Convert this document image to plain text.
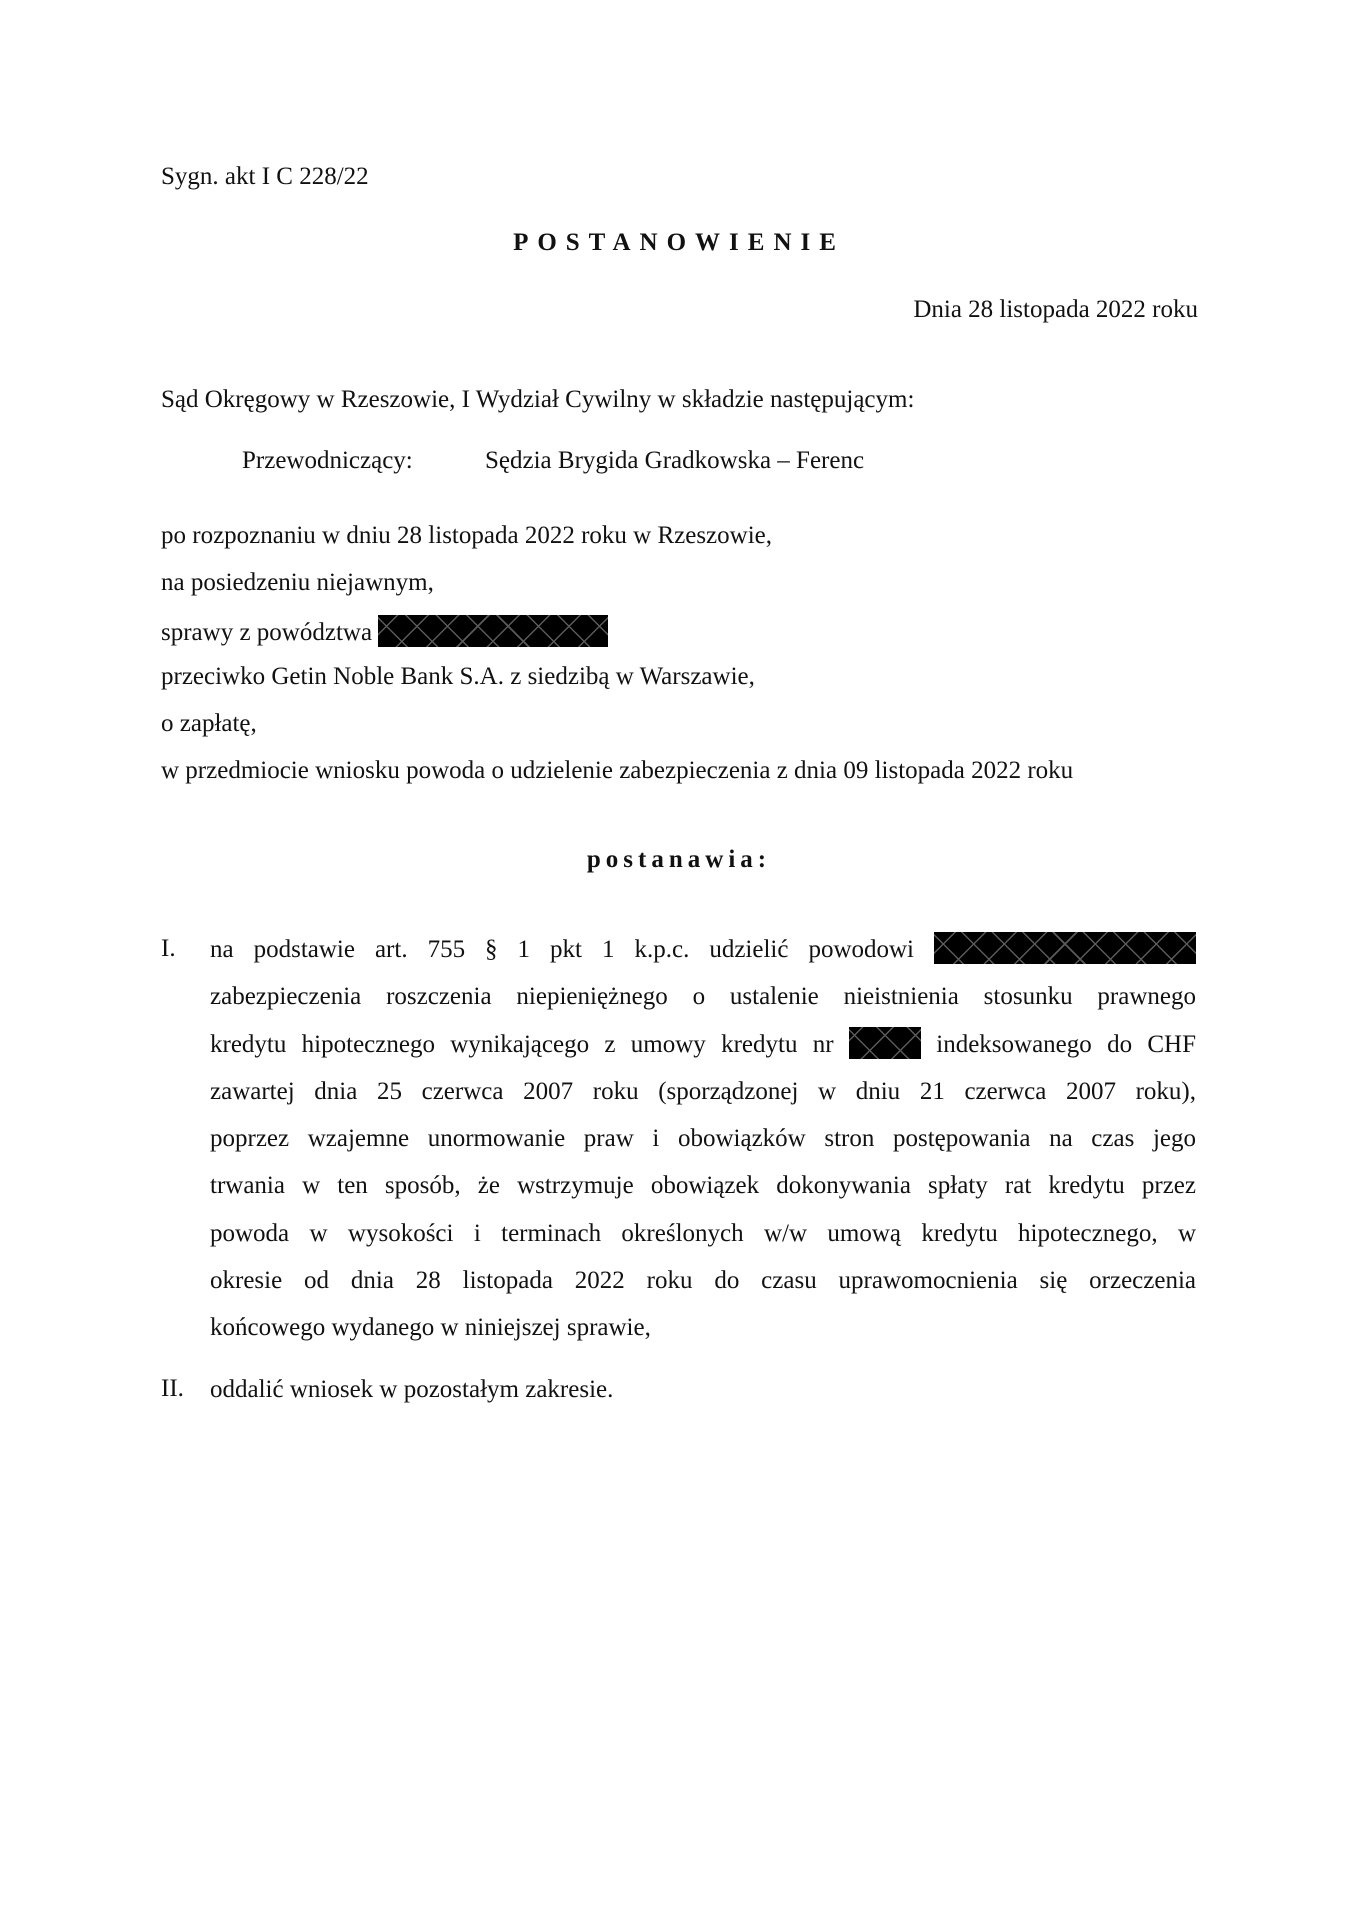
Sygn. akt I C 228/22
POSTANOWIENIE
Dnia 28 listopada 2022 roku
Sąd Okręgowy w Rzeszowie, I Wydział Cywilny w składzie następującym:
Przewodniczący:	Sędzia Brygida Gradkowska – Ferenc
po rozpoznaniu w dniu 28 listopada 2022 roku w Rzeszowie,
na posiedzeniu niejawnym,
sprawy z powództwa
przeciwko Getin Noble Bank S.A. z siedzibą w Warszawie,
o zapłatę,
w przedmiocie wniosku powoda o udzielenie zabezpieczenia z dnia 09 listopada 2022 roku
postanawia:
I. na podstawie art. 755 § 1 pkt 1 k.p.c. udzielić powodowi
zabezpieczenia roszczenia niepieniężnego o ustalenie nieistnienia stosunku prawnego
kredytu hipotecznego wynikającego z umowy kredytu nr	indeksowanego do CHF
zawartej dnia 25 czerwca 2007 roku (sporządzonej w dniu 21 czerwca 2007 roku),
poprzez wzajemne unormowanie praw i obowiązków stron postępowania na czas jego
trwania w ten sposób, że wstrzymuje obowiązek dokonywania spłaty rat kredytu przez
powoda w wysokości i terminach określonych w/w umową kredytu hipotecznego, w
okresie od dnia 28 listopada 2022 roku do czasu uprawomocnienia się orzeczenia
końcowego wydanego w niniejszej sprawie,
II. oddalić wniosek w pozostałym zakresie.
